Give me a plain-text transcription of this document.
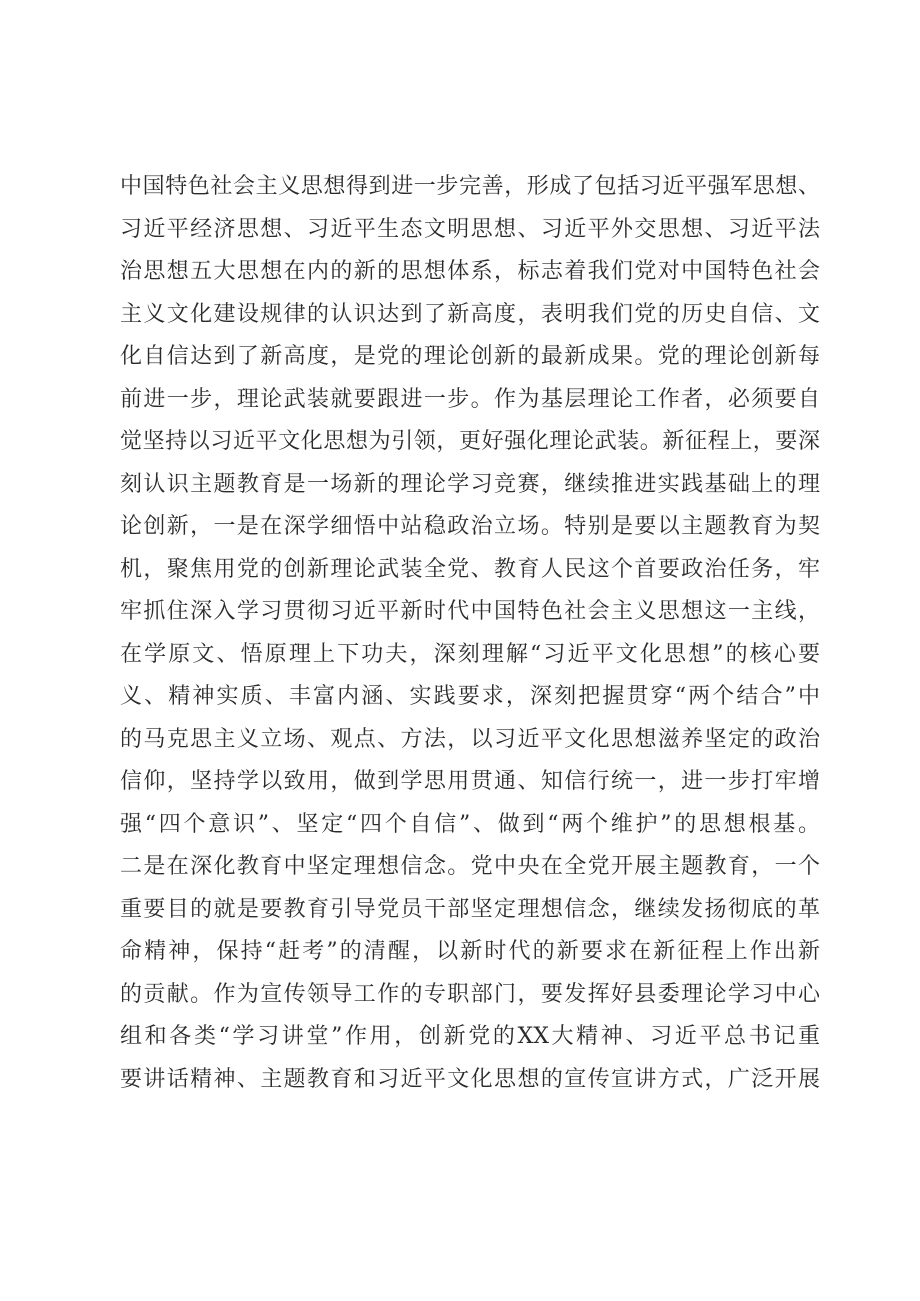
中国特色社会主义思想得到进一步完善，形成了包括习近平强军思想、
习近平经济思想、习近平生态文明思想、习近平外交思想、习近平法
治思想五大思想在内的新的思想体系，标志着我们党对中国特色社会
主义文化建设规律的认识达到了新高度，表明我们党的历史自信、文
化自信达到了新高度，是党的理论创新的最新成果。党的理论创新每
前进一步，理论武装就要跟进一步。作为基层理论工作者，必须要自
觉坚持以习近平文化思想为引领，更好强化理论武装。新征程上，要深
刻认识主题教育是一场新的理论学习竞赛，继续推进实践基础上的理
论创新，一是在深学细悟中站稳政治立场。特别是要以主题教育为契
机，聚焦用党的创新理论武装全党、教育人民这个首要政治任务，牢
牢抓住深入学习贯彻习近平新时代中国特色社会主义思想这一主线，
在学原文、悟原理上下功夫，深刻理解“习近平文化思想”的核心要
义、精神实质、丰富内涵、实践要求，深刻把握贯穿“两个结合”中
的马克思主义立场、观点、方法，以习近平文化思想滋养坚定的政治
信仰，坚持学以致用，做到学思用贯通、知信行统一，进一步打牢增
强“四个意识”、坚定“四个自信”、做到“两个维护”的思想根基。
二是在深化教育中坚定理想信念。党中央在全党开展主题教育，一个
重要目的就是要教育引导党员干部坚定理想信念，继续发扬彻底的革
命精神，保持“赶考”的清醒，以新时代的新要求在新征程上作出新
的贡献。作为宣传领导工作的专职部门，要发挥好县委理论学习中心
组和各类“学习讲堂”作用，创新党的XX大精神、习近平总书记重
要讲话精神、主题教育和习近平文化思想的宣传宣讲方式，广泛开展
